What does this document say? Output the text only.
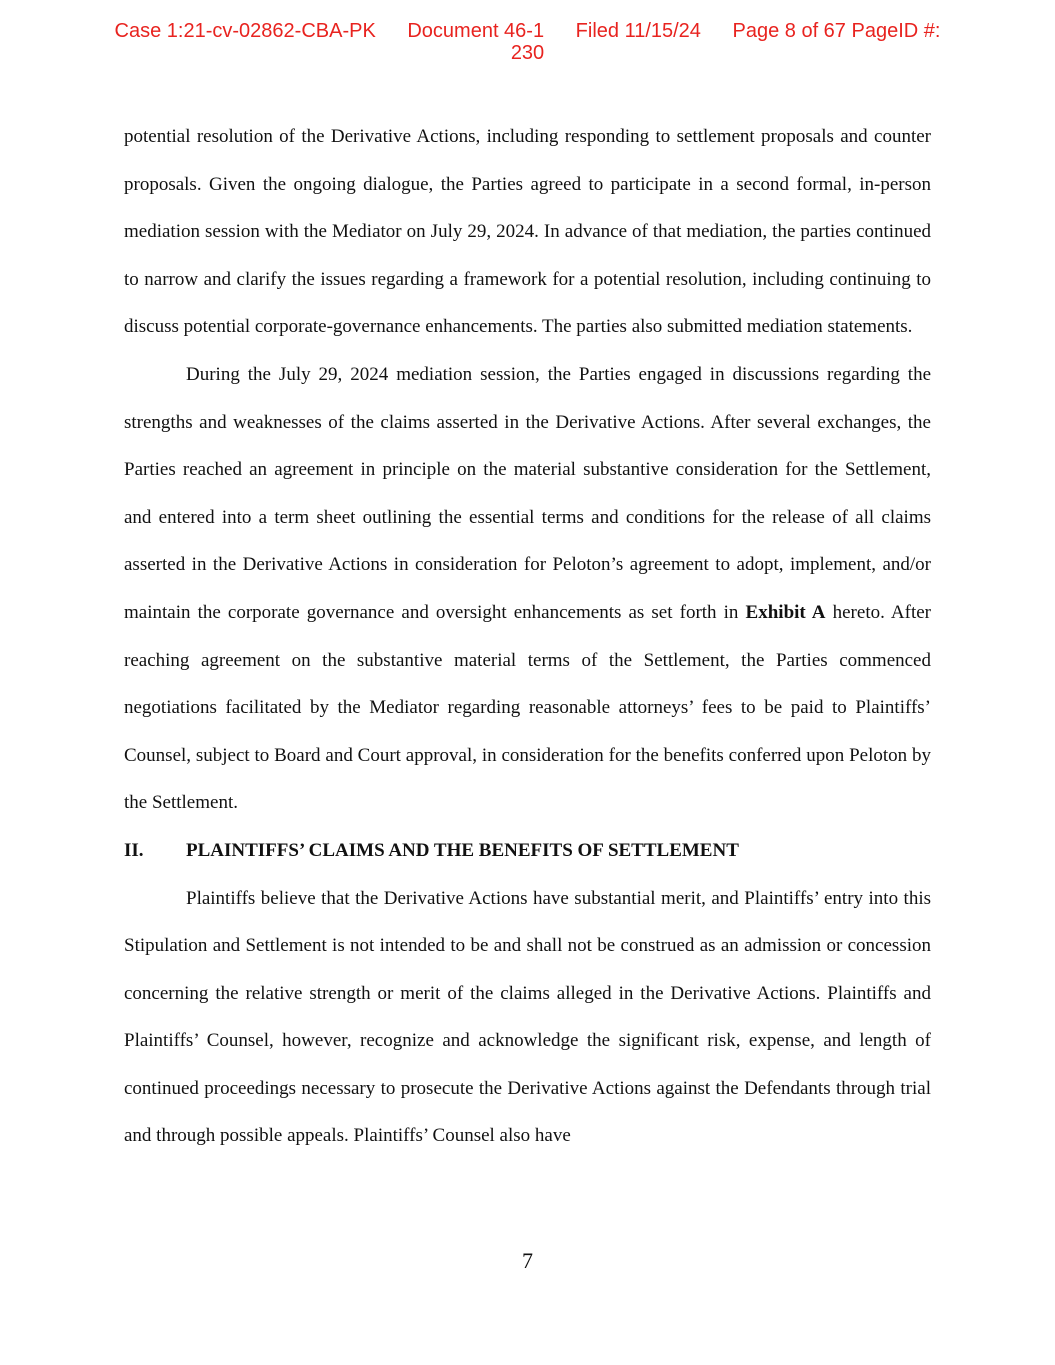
Case 1:21-cv-02862-CBA-PK Document 46-1 Filed 11/15/24 Page 8 of 67 PageID #:
230

potential resolution of the Derivative Actions, including responding to settlement proposals and counter proposals. Given the ongoing dialogue, the Parties agreed to participate in a second formal, in-person mediation session with the Mediator on July 29, 2024. In advance of that mediation, the parties continued to narrow and clarify the issues regarding a framework for a potential resolution, including continuing to discuss potential corporate-governance enhancements. The parties also submitted mediation statements.

During the July 29, 2024 mediation session, the Parties engaged in discussions regarding the strengths and weaknesses of the claims asserted in the Derivative Actions. After several exchanges, the Parties reached an agreement in principle on the material substantive consideration for the Settlement, and entered into a term sheet outlining the essential terms and conditions for the release of all claims asserted in the Derivative Actions in consideration for Peloton’s agreement to adopt, implement, and/or maintain the corporate governance and oversight enhancements as set forth in Exhibit A hereto. After reaching agreement on the substantive material terms of the Settlement, the Parties commenced negotiations facilitated by the Mediator regarding reasonable attorneys’ fees to be paid to Plaintiffs’ Counsel, subject to Board and Court approval, in consideration for the benefits conferred upon Peloton by the Settlement.

II. PLAINTIFFS’ CLAIMS AND THE BENEFITS OF SETTLEMENT

Plaintiffs believe that the Derivative Actions have substantial merit, and Plaintiffs’ entry into this Stipulation and Settlement is not intended to be and shall not be construed as an admission or concession concerning the relative strength or merit of the claims alleged in the Derivative Actions. Plaintiffs and Plaintiffs’ Counsel, however, recognize and acknowledge the significant risk, expense, and length of continued proceedings necessary to prosecute the Derivative Actions against the Defendants through trial and through possible appeals. Plaintiffs’ Counsel also have

7
